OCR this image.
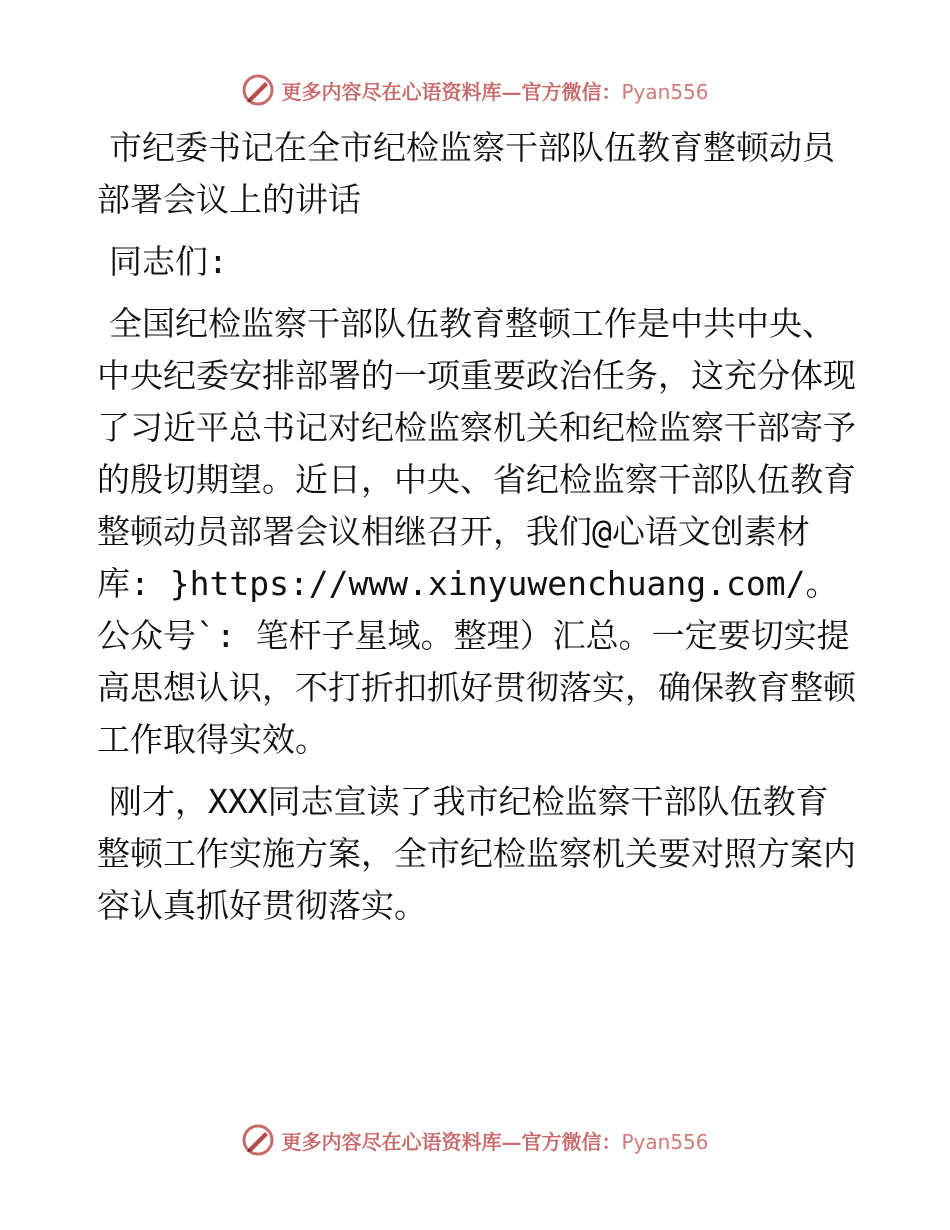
更多内容尽在心语资料库—官方微信：Pyan556
市纪委书记在全市纪检监察干部队伍教育整顿动员部署会议上的讲话

同志们:

全国纪检监察干部队伍教育整顿工作是中共中央、中央纪委安排部署的一项重要政治任务，这充分体现了习近平总书记对纪检监察机关和纪检监察干部寄予的殷切期望。近日，中央、省纪检监察干部队伍教育整顿动员部署会议相继召开，我们@心语文创素材库: }https://www.xinyuwenchuang.com/。公众号`: 笔杆子星域。整理）汇总。一定要切实提高思想认识，不打折扣抓好贯彻落实，确保教育整顿工作取得实效。

刚才，XXX同志宣读了我市纪检监察干部队伍教育整顿工作实施方案，全市纪检监察机关要对照方案内容认真抓好贯彻落实。

更多内容尽在心语资料库—官方微信：Pyan556
